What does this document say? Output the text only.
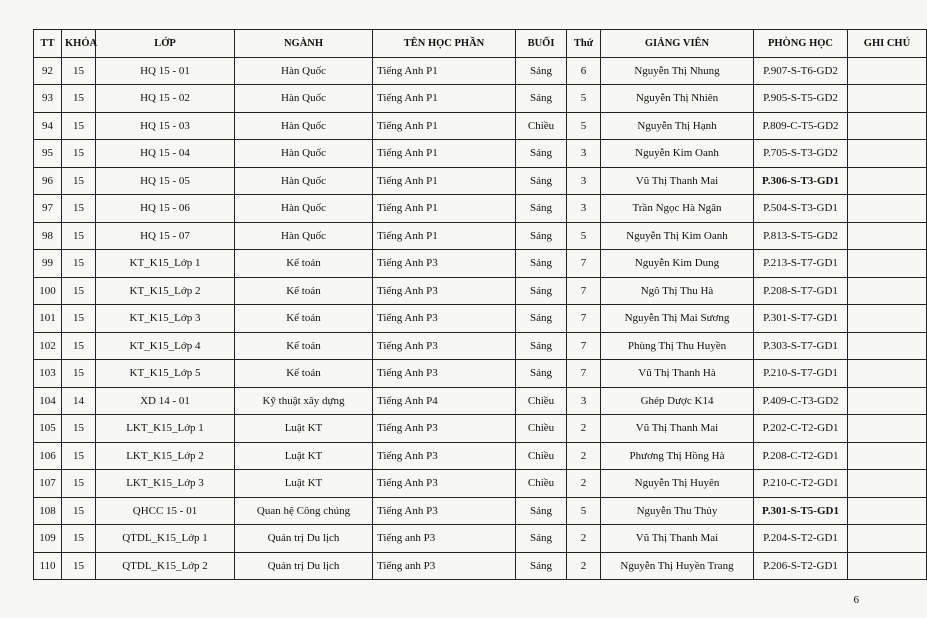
TT	KHÓA	LỚP	NGÀNH	TÊN HỌC PHẦN	BUỔI	Thứ	GIẢNG VIÊN	PHÒNG HỌC	GHI CHÚ
92	15	HQ 15 - 01	Hàn Quốc	Tiếng Anh P1	Sáng	6	Nguyễn Thị Nhung	P.907-S-T6-GD2	
93	15	HQ 15 - 02	Hàn Quốc	Tiếng Anh P1	Sáng	5	Nguyễn Thị Nhiên	P.905-S-T5-GD2	
94	15	HQ 15 - 03	Hàn Quốc	Tiếng Anh P1	Chiều	5	Nguyễn Thị Hạnh	P.809-C-T5-GD2	
95	15	HQ 15 - 04	Hàn Quốc	Tiếng Anh P1	Sáng	3	Nguyễn Kim Oanh	P.705-S-T3-GD2	
96	15	HQ 15 - 05	Hàn Quốc	Tiếng Anh P1	Sáng	3	Vũ Thị Thanh Mai	P.306-S-T3-GD1	
97	15	HQ 15 - 06	Hàn Quốc	Tiếng Anh P1	Sáng	3	Trần Ngọc Hà Ngân	P.504-S-T3-GD1	
98	15	HQ 15 - 07	Hàn Quốc	Tiếng Anh P1	Sáng	5	Nguyễn Thị Kim Oanh	P.813-S-T5-GD2	
99	15	KT_K15_Lớp 1	Kế toán	Tiếng Anh P3	Sáng	7	Nguyễn Kim Dung	P.213-S-T7-GD1	
100	15	KT_K15_Lớp 2	Kế toán	Tiếng Anh P3	Sáng	7	Ngô Thị Thu Hà	P.208-S-T7-GD1	
101	15	KT_K15_Lớp 3	Kế toán	Tiếng Anh P3	Sáng	7	Nguyễn Thị Mai Sương	P.301-S-T7-GD1	
102	15	KT_K15_Lớp 4	Kế toán	Tiếng Anh P3	Sáng	7	Phùng Thị Thu Huyền	P.303-S-T7-GD1	
103	15	KT_K15_Lớp 5	Kế toán	Tiếng Anh P3	Sáng	7	Vũ Thị Thanh Hà	P.210-S-T7-GD1	
104	14	XD 14 - 01	Kỹ thuật xây dựng	Tiếng Anh P4	Chiều	3	Ghép Dược K14	P.409-C-T3-GD2	
105	15	LKT_K15_Lớp 1	Luật KT	Tiếng Anh P3	Chiều	2	Vũ Thị Thanh Mai	P.202-C-T2-GD1	
106	15	LKT_K15_Lớp 2	Luật KT	Tiếng Anh P3	Chiều	2	Phương Thị Hồng Hà	P.208-C-T2-GD1	
107	15	LKT_K15_Lớp 3	Luật KT	Tiếng Anh P3	Chiều	2	Nguyễn Thị Huyên	P.210-C-T2-GD1	
108	15	QHCC 15 - 01	Quan hệ Công chúng	Tiếng Anh P3	Sáng	5	Nguyễn Thu Thủy	P.301-S-T5-GD1	
109	15	QTDL_K15_Lớp 1	Quản trị Du lịch	Tiếng anh P3	Sáng	2	Vũ Thị Thanh Mai	P.204-S-T2-GD1	
110	15	QTDL_K15_Lớp 2	Quản trị Du lịch	Tiếng anh P3	Sáng	2	Nguyễn Thị Huyền Trang	P.206-S-T2-GD1	
6
